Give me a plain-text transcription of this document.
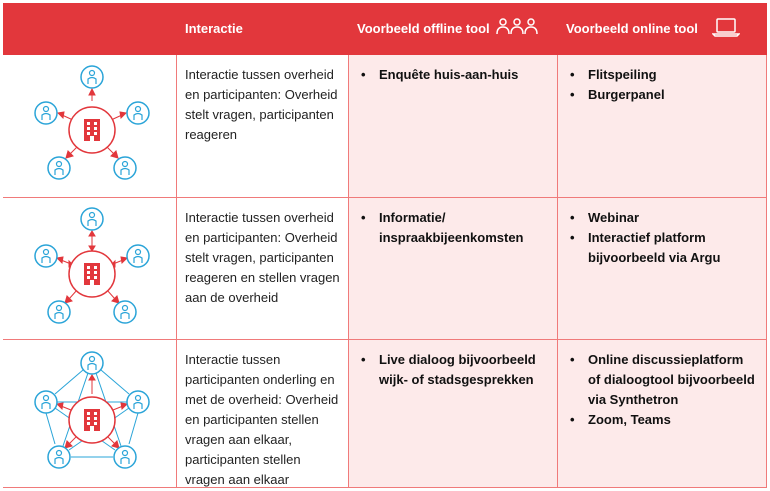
Interactie	Voorbeeld offline tool	Voorbeeld online tool

Interactie tussen overheid en participanten: Overheid stelt vragen, participanten reageren

• Enquête huis-aan-huis
•	Flitspeiling
• Burgerpanel

Interactie tussen overheid en participanten: Overheid stelt vragen, participanten reageren en stellen vragen aan de overheid

• Informatie/ inspraakbijeenkomsten
• Webinar
• Interactief platform bijvoorbeeld via Argu

Interactie tussen participanten onderling en met de overheid: Overheid en participanten stellen vragen aan elkaar, participanten stellen vragen aan elkaar

• Live dialoog bijvoorbeeld wijk- of stadsgesprekken
• Online discussieplatform of dialoogtool bijvoorbeeld via Synthetron
• Zoom, Teams
